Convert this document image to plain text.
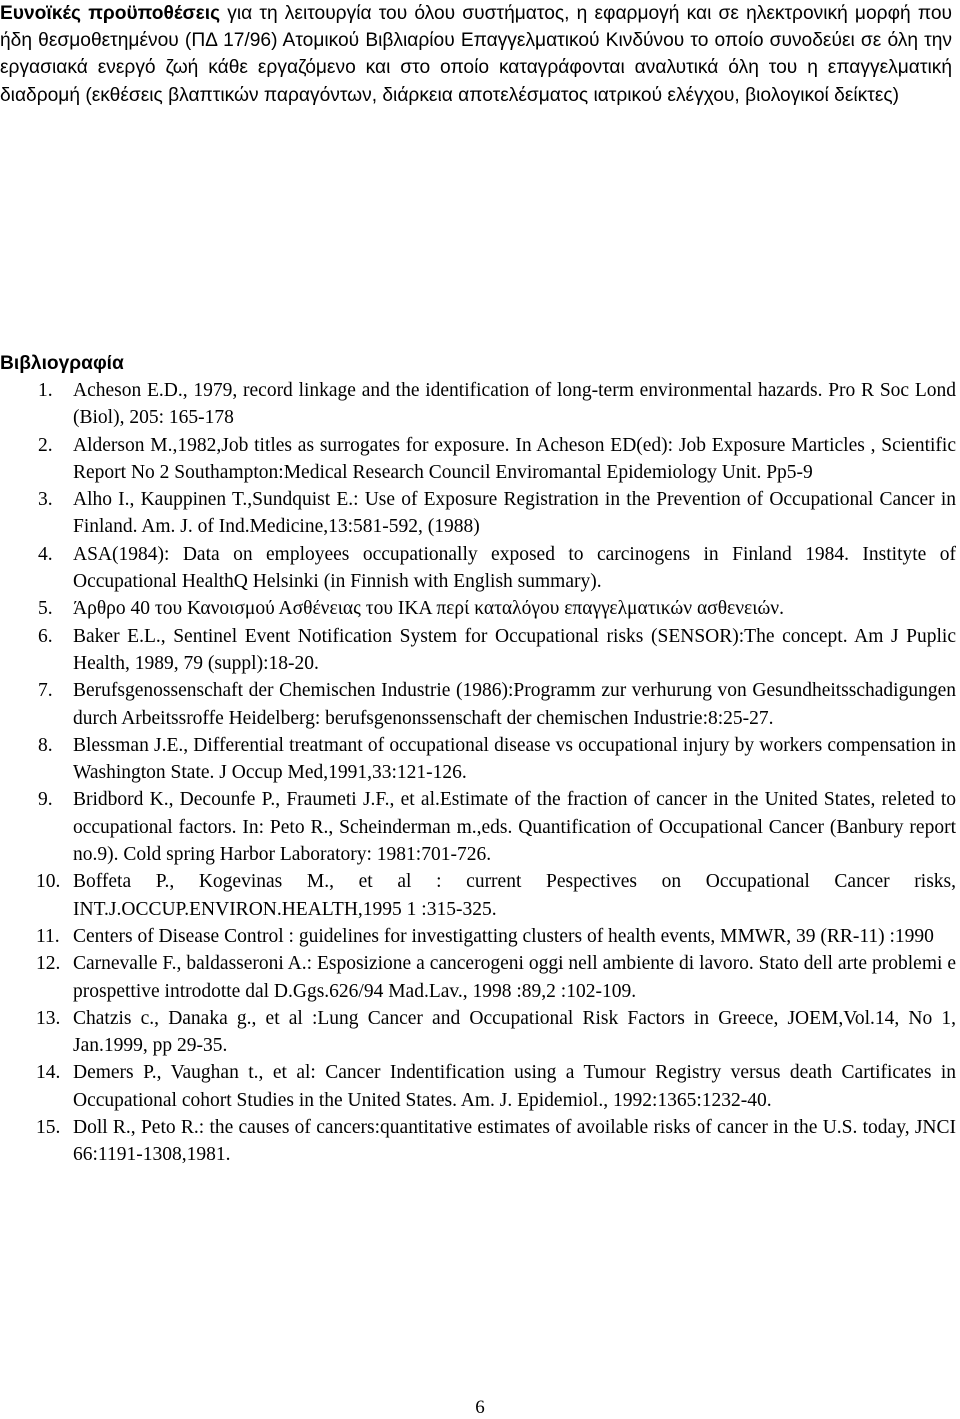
Ευνοϊκές προϋποθέσεις για τη λειτουργία του όλου συστήματος, η εφαρμογή και σε ηλεκτρονική μορφή που ήδη θεσμοθετημένου (ΠΔ 17/96) Ατομικού Βιβλιαρίου Επαγγελματικού Κινδύνου το οποίο συνοδεύει σε όλη την εργασιακά ενεργό ζωή κάθε εργαζόμενο και στο οποίο καταγράφονται αναλυτικά όλη του η επαγγελματική διαδρομή (εκθέσεις βλαπτικών παραγόντων, διάρκεια αποτελέσματος ιατρικού ελέγχου, βιολογικοί δείκτες)

Βιβλιογραφία
1. Acheson E.D., 1979, record linkage and the identification of long-term environmental hazards. Pro R Soc Lond (Biol), 205: 165-178
2. Alderson M.,1982,Job titles as surrogates for exposure. In Acheson ED(ed): Job Exposure Marticles , Scientific Report No 2 Southampton:Medical Research Council Enviromantal Epidemiology Unit. Pp5-9
3. Alho I., Kauppinen T.,Sundquist E.: Use of Exposure Registration in the Prevention of Occupational Cancer in Finland. Am. J. of Ind.Medicine,13:581-592, (1988)
4. ASA(1984): Data on employees occupationally exposed to carcinogens in Finland 1984. Instityte of Occupational HealthQ Helsinki (in Finnish with English summary).
5. Άρθρο 40 του Κανοισμού Ασθένειας του ΙΚΑ περί καταλόγου επαγγελματικών ασθενειών.
6. Baker E.L., Sentinel Event Notification System for Occupational risks (SENSOR):The concept. Am J Puplic Health, 1989, 79 (suppl):18-20.
7. Berufsgenossenschaft der Chemischen Industrie (1986):Programm zur verhurung von Gesundheitsschadigungen durch Arbeitssroffe Heidelberg: berufsgenonssenschaft der chemischen Industrie:8:25-27.
8. Blessman J.E., Differential treatmant of occupational disease vs occupational injury by workers compensation in Washington State. J Occup Med,1991,33:121-126.
9. Bridbord K., Decounfe P., Fraumeti J.F., et al.Estimate of the fraction of cancer in the United States, releted to occupational factors. In: Peto R., Scheinderman m.,eds. Quantification of Occupational Cancer (Banbury report no.9). Cold spring Harbor Laboratory: 1981:701-726.
10. Boffeta P., Kogevinas M., et al : current Pespectives on Occupational Cancer risks, INT.J.OCCUP.ENVIRON.HEALTH,1995 1 :315-325.
11. Centers of Disease Control : guidelines for investigatting clusters of health events, MMWR, 39 (RR-11) :1990
12. Carnevalle F., baldasseroni A.: Esposizione a cancerogeni oggi nell ambiente di lavoro. Stato dell arte problemi e prospettive introdotte dal D.Ggs.626/94 Mad.Lav., 1998 :89,2 :102-109.
13. Chatzis c., Danaka g., et al :Lung Cancer and Occupational Risk Factors in Greece, JOEM,Vol.14, No 1, Jan.1999, pp 29-35.
14. Demers P., Vaughan t., et al: Cancer Indentification using a Tumour Registry versus death Cartificates in Occupational cohort Studies in the United States. Am. J. Epidemiol., 1992:1365:1232-40.
15. Doll R., Peto R.: the causes of cancers:quantitative estimates of avoilable risks of cancer in the U.S. today, JNCI 66:1191-1308,1981.

6
